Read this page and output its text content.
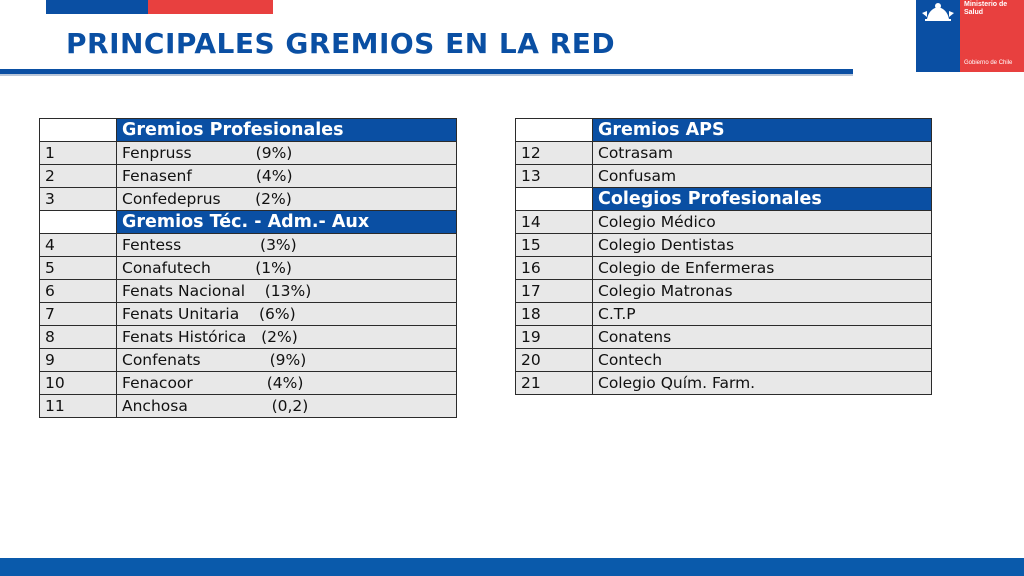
PRINCIPALES GREMIOS EN LA RED
Ministerio de
Salud
Gobierno de Chile
	Gremios Profesionales
1	Fenpruss             (9%)
2	Fenasenf             (4%)
3	Confedeprus       (2%)
	Gremios Téc. - Adm.- Aux
4	Fentess                (3%)
5	Conafutech         (1%)
6	Fenats Nacional    (13%)
7	Fenats Unitaria    (6%)
8	Fenats Histórica   (2%)
9	Confenats              (9%)
10	Fenacoor               (4%)
11	Anchosa                 (0,2)
	Gremios APS
12	Cotrasam
13	Confusam
	Colegios Profesionales
14	Colegio Médico
15	Colegio Dentistas
16	Colegio de Enfermeras
17	Colegio Matronas
18	C.T.P
19	Conatens
20	Contech
21	Colegio Quím. Farm.
